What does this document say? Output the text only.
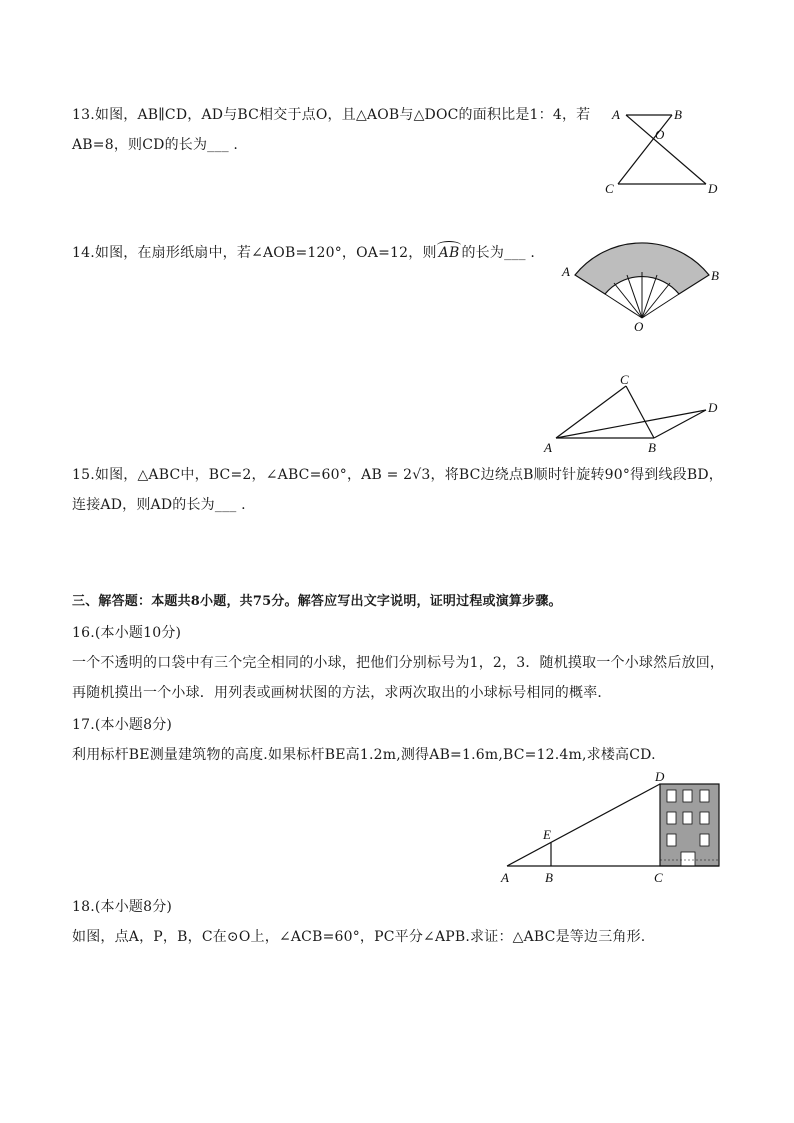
13.如图，AB∥CD，AD与BC相交于点O，且△AOB与△DOC的面积比是1：4，若
AB=8，则CD的长为___ .
A	B
O
C	D
14.如图，在扇形纸扇中，若∠AOB=120°，OA=12，则 AB 的长为___ .
A	B
O
C
D
A	B
15.如图，△ABC中，BC=2，∠ABC=60°，AB = 2√3，将BC边绕点B顺时针旋转90°得到线段BD，
连接AD，则AD的长为___ .
三、解答题：本题共8小题，共75分。解答应写出文字说明，证明过程或演算步骤。
16.(本小题10分)
一个不透明的口袋中有三个完全相同的小球，把他们分别标号为1，2，3．随机摸取一个小球然后放回，
再随机摸出一个小球．用列表或画树状图的方法，求两次取出的小球标号相同的概率．
17.(本小题8分)
利用标杆BE测量建筑物的高度.如果标杆BE高1.2m,测得AB=1.6m,BC=12.4m,求楼高CD.
D
E
A	B	C
18.(本小题8分)
如图，点A，P，B，C在⊙O上，∠ACB=60°，PC平分∠APB.求证：△ABC是等边三角形.
